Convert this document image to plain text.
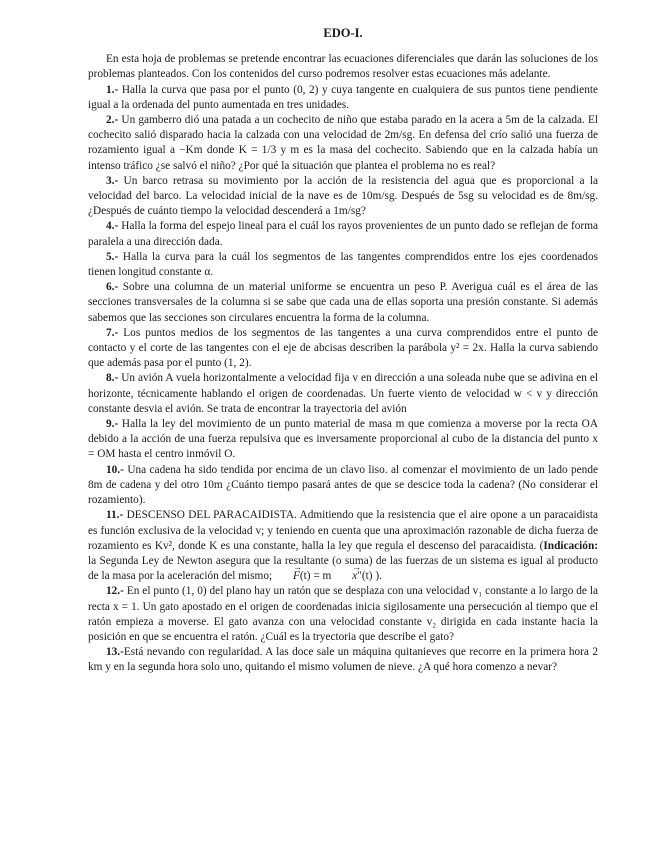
EDO-I.

En esta hoja de problemas se pretende encontrar las ecuaciones diferenciales que darán las soluciones de los problemas planteados. Con los contenidos del curso podremos resolver estas ecuaciones más adelante.

1.- Halla la curva que pasa por el punto (0, 2) y cuya tangente en cualquiera de sus puntos tiene pendiente igual a la ordenada del punto aumentada en tres unidades.

2.- Un gamberro dió una patada a un cochecito de niño que estaba parado en la acera a 5m de la calzada. El cochecito salió disparado hacia la calzada con una velocidad de 2m/sg. En defensa del crío salió una fuerza de rozamiento igual a −Km donde K = 1/3 y m es la masa del cochecito. Sabiendo que en la calzada había un intenso tráfico ¿se salvó el niño? ¿Por qué la situación que plantea el problema no es real?

3.- Un barco retrasa su movimiento por la acción de la resistencia del agua que es proporcional a la velocidad del barco. La velocidad inicial de la nave es de 10m/sg. Después de 5sg su velocidad es de 8m/sg. ¿Después de cuánto tiempo la velocidad descenderá a 1m/sg?

4.- Halla la forma del espejo lineal para el cuál los rayos provenientes de un punto dado se reflejan de forma paralela a una dirección dada.

5.- Halla la curva para la cuál los segmentos de las tangentes comprendidos entre los ejes coordenados tienen longitud constante α.

6.- Sobre una columna de un material uniforme se encuentra un peso P. Averigua cuál es el área de las secciones transversales de la columna si se sabe que cada una de ellas soporta una presión constante. Si además sabemos que las secciones son circulares encuentra la forma de la columna.

7.- Los puntos medios de los segmentos de las tangentes a una curva comprendidos entre el punto de contacto y el corte de las tangentes con el eje de abcisas describen la parábola y² = 2x. Halla la curva sabiendo que además pasa por el punto (1, 2).

8.- Un avión A vuela horizontalmente a velocidad fija v en dirección a una soleada nube que se adivina en el horizonte, técnicamente hablando el origen de coordenadas. Un fuerte viento de velocidad w < v y dirección constante desvia el avión. Se trata de encontrar la trayectoria del avión

9.- Halla la ley del movimiento de un punto material de masa m que comienza a moverse por la recta OA debido a la acción de una fuerza repulsiva que es inversamente proporcional al cubo de la distancia del punto x = OM hasta el centro inmóvil O.

10.- Una cadena ha sido tendida por encima de un clavo liso. al comenzar el movimiento de un lado pende 8m de cadena y del otro 10m ¿Cuánto tiempo pasará antes de que se descice toda la cadena? (No considerar el rozamiento).

11.- DESCENSO DEL PARACAIDISTA. Admitiendo que la resistencia que el aire opone a un paracaidista es función exclusiva de la velocidad v; y teniendo en cuenta que una aproximación razonable de dicha fuerza de rozamiento es Kv², donde K es una constante, halla la ley que regula el descenso del paracaidista. (Indicación: la Segunda Ley de Newton asegura que la resultante (o suma) de las fuerzas de un sistema es igual al producto de la masa por la aceleración del mismo; → F(t) = m → x″(t) ).

12.- En el punto (1, 0) del plano hay un ratón que se desplaza con una velocidad v₁ constante a lo largo de la recta x = 1. Un gato apostado en el origen de coordenadas inicia sigilosamente una persecución al tiempo que el ratón empieza a moverse. El gato avanza con una velocidad constante v₂ dirigida en cada instante hacia la posición en que se encuentra el ratón. ¿Cuál es la tryectoria que describe el gato?

13.-Está nevando con regularidad. A las doce sale un máquina quitanieves que recorre en la primera hora 2 km y en la segunda hora solo uno, quitando el mismo volumen de nieve. ¿A qué hora comenzo a nevar?
